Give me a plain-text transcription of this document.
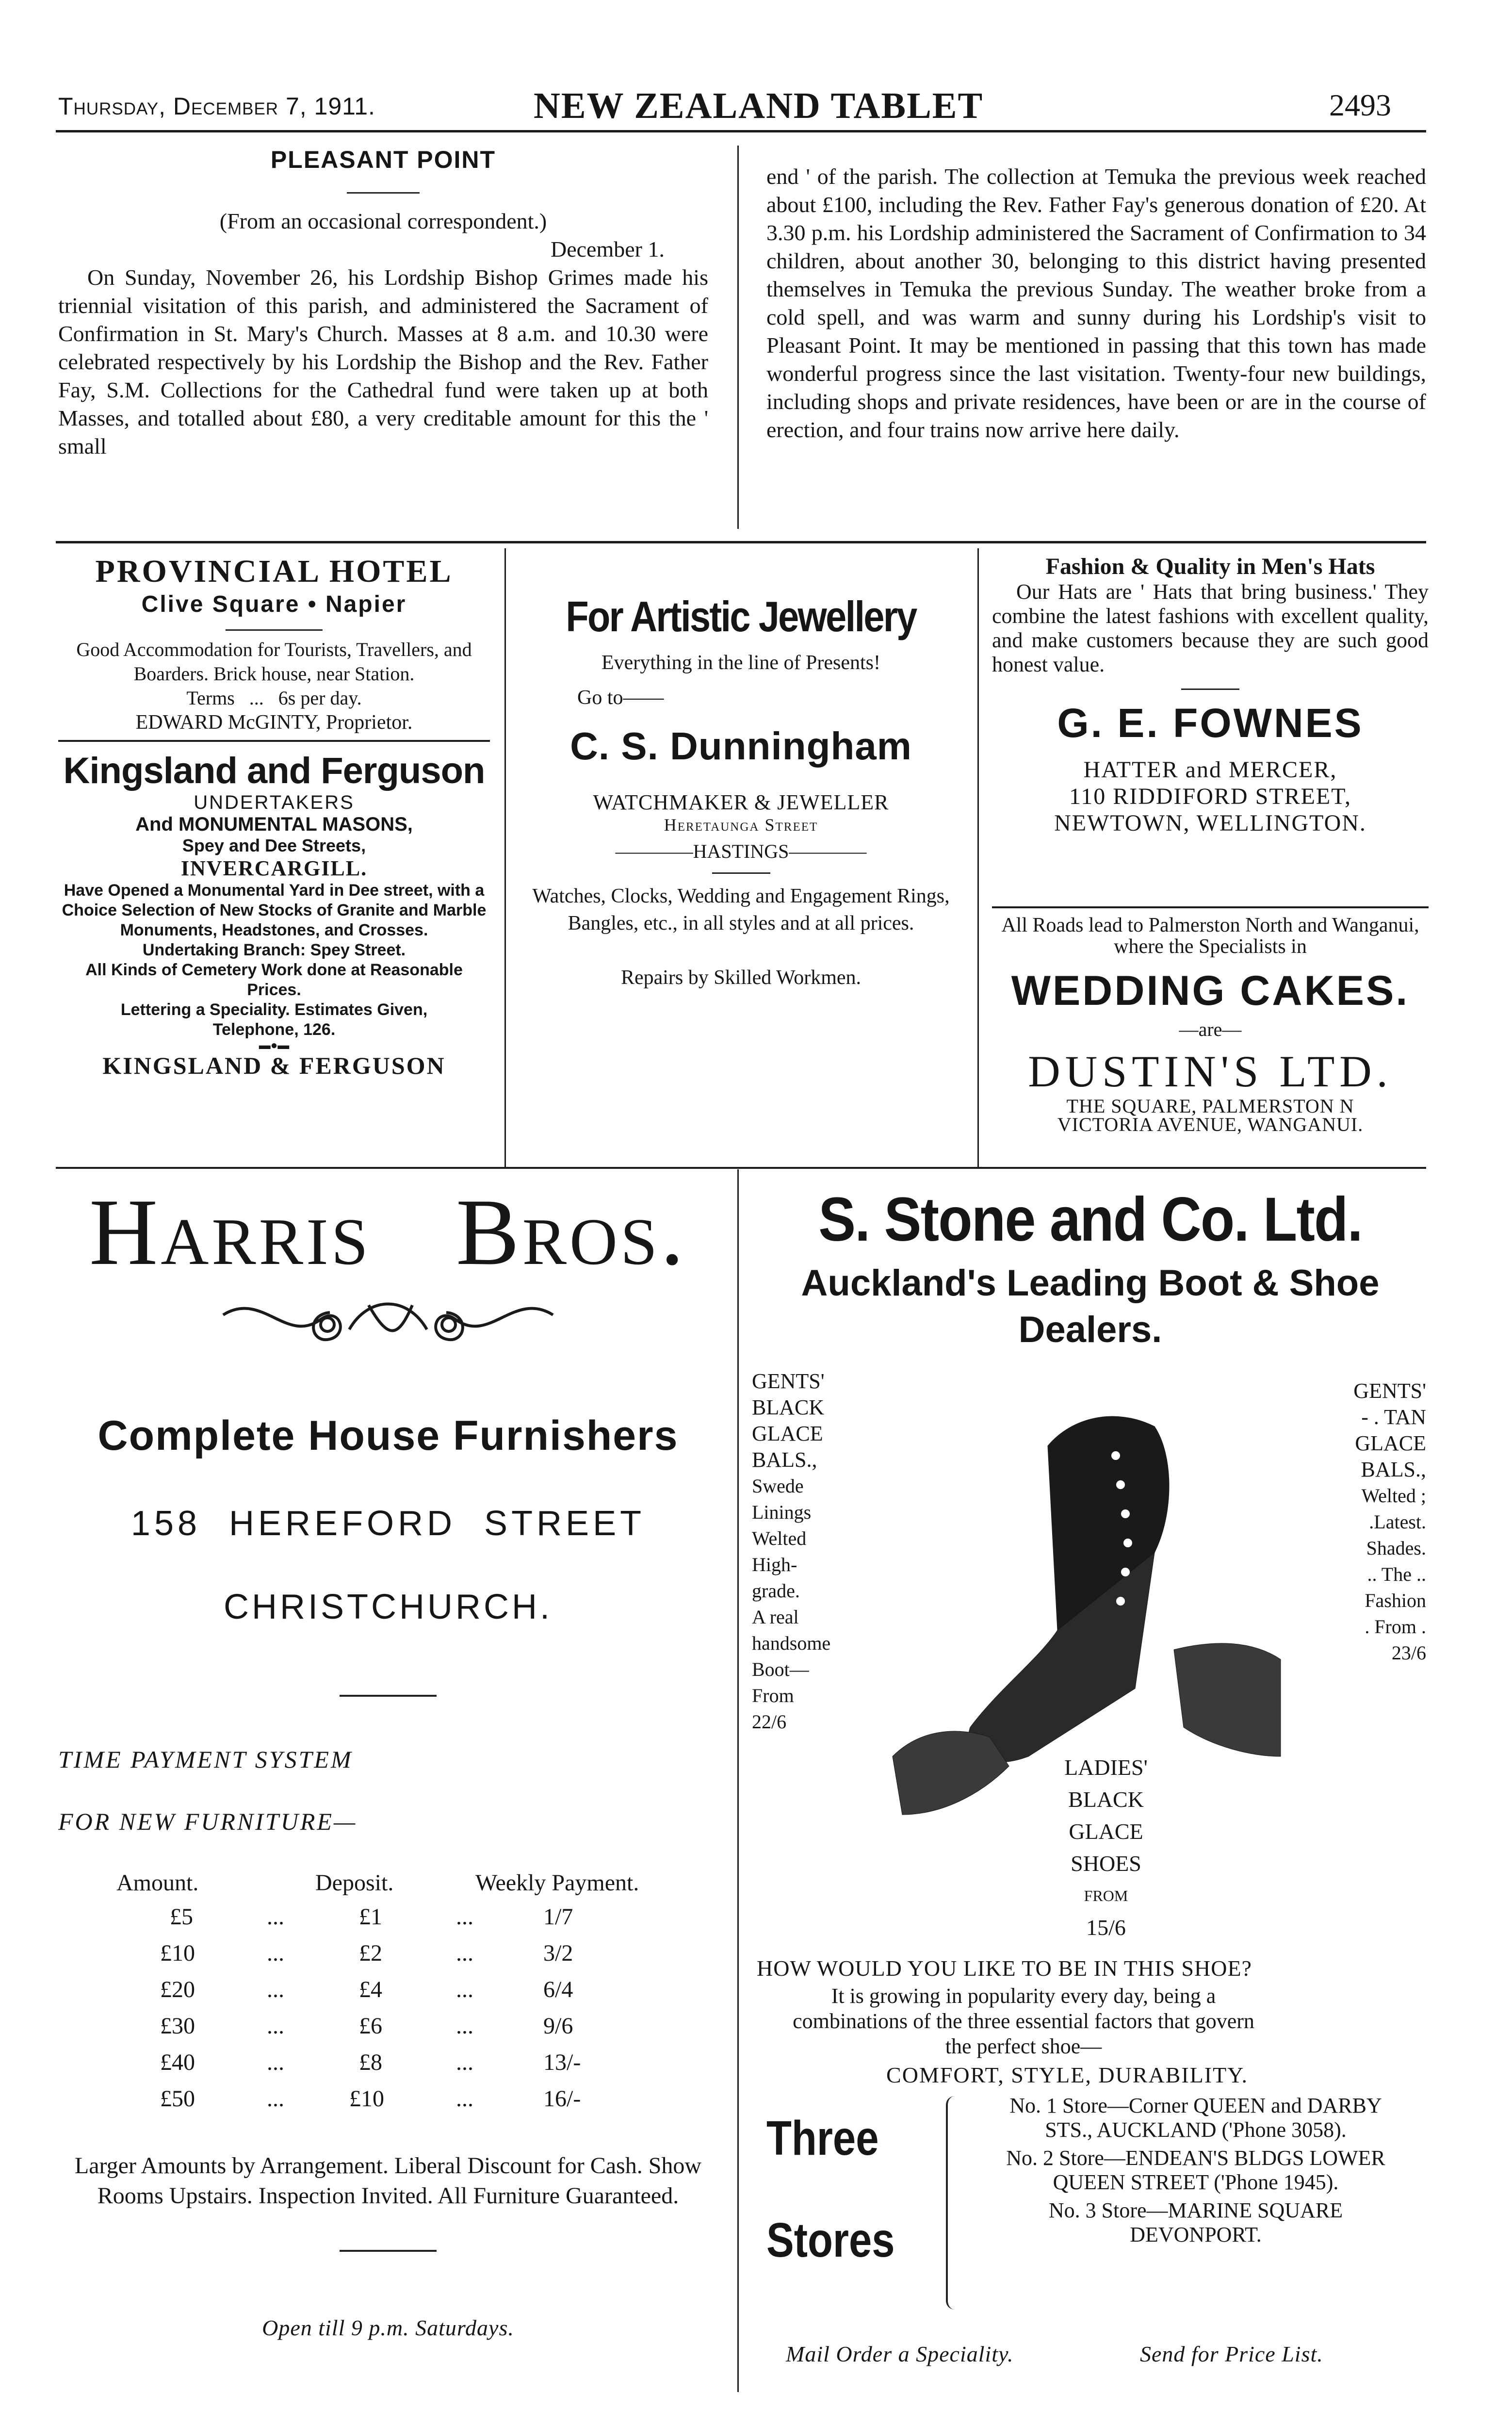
Thursday, December 7, 1911.	NEW ZEALAND TABLET	2493
PLEASANT POINT
(From an occasional correspondent.)
December 1.

On Sunday, November 26, his Lordship Bishop Grimes made his triennial visitation of this parish, and administered the Sacrament of Confirmation in St. Mary's Church. Masses at 8 a.m. and 10.30 were celebrated respectively by his Lordship the Bishop and the Rev. Father Fay, S.M. Collections for the Cathedral fund were taken up at both Masses, and totalled about £80, a very creditable amount for this the ' small

end ' of the parish. The collection at Temuka the previous week reached about £100, including the Rev. Father Fay's generous donation of £20. At 3.30 p.m. his Lordship administered the Sacrament of Confirmation to 34 children, about another 30, belonging to this district having presented themselves in Temuka the previous Sunday. The weather broke from a cold spell, and was warm and sunny during his Lordship's visit to Pleasant Point. It may be mentioned in passing that this town has made wonderful progress since the last visitation. Twenty-four new buildings, including shops and private residences, have been or are in the course of erection, and four trains now arrive here daily.

PROVINCIAL HOTEL
Clive Square • Napier

Good Accommodation for Tourists, Travellers, and Boarders. Brick house, near Station.

Terms ... 6s per day.
EDWARD McGINTY, Proprietor.
Kingsland and Ferguson
UNDERTAKERS
And MONUMENTAL MASONS,
Spey and Dee Streets,
INVERCARGILL.

Have Opened a Monumental Yard in Dee street, with a Choice Selection of New Stocks of Granite and Marble Monuments, Headstones, and Crosses.

Undertaking Branch: Spey Street.

All Kinds of Cemetery Work done at Reasonable Prices.

Lettering a Speciality. Estimates Given, Telephone, 126.

▬●▬
KINGSLAND & FERGUSON
For Artistic Jewellery
Everything in the line of Presents!
Go to——
C. S. Dunningham
WATCHMAKER & JEWELLER
Heretaunga Street
————HASTINGS————

Watches, Clocks, Wedding and Engagement Rings, Bangles, etc., in all styles and at all prices.

Repairs by Skilled Workmen.
Fashion & Quality in Men's Hats

Our Hats are ' Hats that bring business.' They combine the latest fashions with excellent quality, and make customers because they are such good honest value.

G. E. FOWNES
HATTER and MERCER,
110 RIDDIFORD STREET,
NEWTOWN, WELLINGTON.

All Roads lead to Palmerston North and Wanganui, where the Specialists in

WEDDING CAKES.
—are—
DUSTIN'S LTD.
THE SQUARE, PALMERSTON N
VICTORIA AVENUE, WANGANUI.
Harris Bros.
Complete House Furnishers
158 HEREFORD STREET
CHRISTCHURCH.
TIME PAYMENT SYSTEM
FOR NEW FURNITURE—
Amount.	Deposit.	Weekly Payment.
£5	...	£1	...	1/7
£10	...	£2	...	3/2
£20	...	£4	...	6/4
£30	...	£6	...	9/6
£40	...	£8	...	13/-
£50	...	£10	...	16/-

Larger Amounts by Arrangement. Liberal Discount for Cash. Show Rooms Upstairs. Inspection Invited. All Furniture Guaranteed.

Open till 9 p.m. Saturdays.
S. Stone and Co. Ltd.
Auckland's Leading Boot & Shoe Dealers.
GENTS'
BLACK
GLACE
BALS.,
Swede
Linings
Welted
High-
grade.
A real
handsome
Boot—
From
22/6
GENTS'
- . TAN
GLACE
BALS.,
Welted ;
.Latest.
Shades.
.. The ..
Fashion
. From .
23/6
LADIES'
BLACK
GLACE
SHOES
FROM
15/6
HOW WOULD YOU LIKE TO BE IN THIS SHOE?

It is growing in popularity every day, being a combinations of the three essential factors that govern the perfect shoe—

COMFORT, STYLE, DURABILITY.
Three
Stores

No. 1 Store—Corner QUEEN and DARBY STS., AUCKLAND ('Phone 3058).

No. 2 Store—ENDEAN'S BLDGS LOWER QUEEN STREET ('Phone 1945).

No. 3 Store—MARINE SQUARE DEVONPORT.

Mail Order a Speciality.	Send for Price List.
